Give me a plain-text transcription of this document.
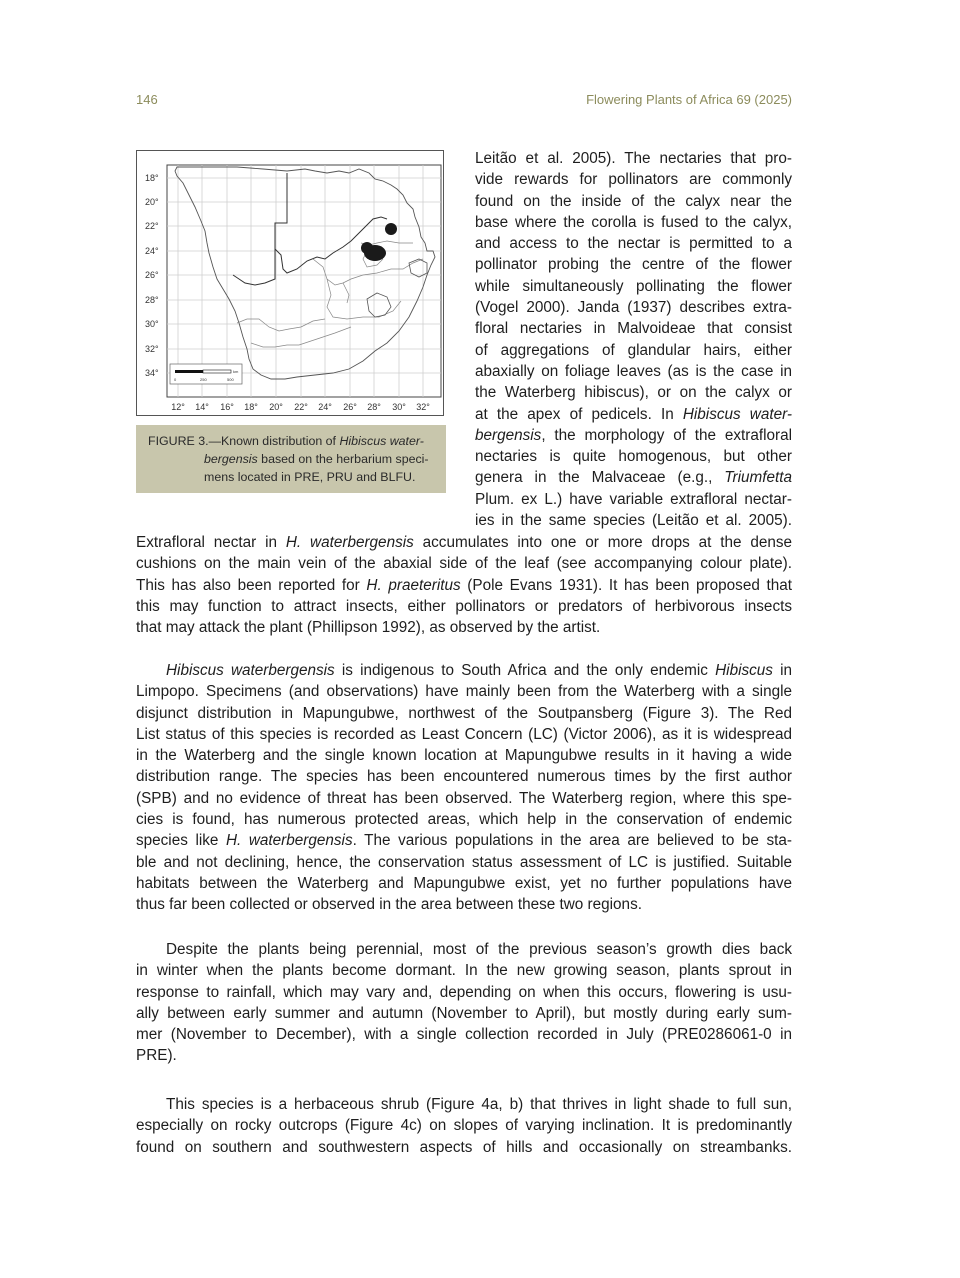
146	Flowering Plants of Africa 69 (2025)
18°
20°
22°
24°
26°
28°
30°
32°
34°
12° 14° 16° 18° 20° 22° 24° 26° 28° 30° 32°
km
0	250	500

FIGURE 3.—Known distribution of Hibiscus water-
bergensis based on the herbarium speci-
mens located in PRE, PRU and BLFU.

Leitão et al. 2005). The nectaries that pro-
vide rewards for pollinators are commonly
found on the inside of the calyx near the
base where the corolla is fused to the calyx,
and access to the nectar is permitted to a
pollinator probing the centre of the flower
while simultaneously pollinating the flower
(Vogel 2000). Janda (1937) describes extra-
floral nectaries in Malvoideae that consist
of aggregations of glandular hairs, either
abaxially on foliage leaves (as is the case in
the Waterberg hibiscus), or on the calyx or
at the apex of pedicels. In Hibiscus water-
bergensis, the morphology of the extrafloral
nectaries is quite homogenous, but other
genera in the Malvaceae (e.g., Triumfetta
Plum. ex L.) have variable extrafloral nectar-
ies in the same species (Leitão et al. 2005).
Extrafloral nectar in H. waterbergensis accumulates into one or more drops at the dense
cushions on the main vein of the abaxial side of the leaf (see accompanying colour plate).
This has also been reported for H. praeteritus (Pole Evans 1931). It has been proposed that
this may function to attract insects, either pollinators or predators of herbivorous insects
that may attack the plant (Phillipson 1992), as observed by the artist.
Hibiscus waterbergensis is indigenous to South Africa and the only endemic Hibiscus in
Limpopo. Specimens (and observations) have mainly been from the Waterberg with a single
disjunct distribution in Mapungubwe, northwest of the Soutpansberg (Figure 3). The Red
List status of this species is recorded as Least Concern (LC) (Victor 2006), as it is widespread
in the Waterberg and the single known location at Mapungubwe results in it having a wide
distribution range. The species has been encountered numerous times by the first author
(SPB) and no evidence of threat has been observed. The Waterberg region, where this spe-
cies is found, has numerous protected areas, which help in the conservation of endemic
species like H. waterbergensis. The various populations in the area are believed to be sta-
ble and not declining, hence, the conservation status assessment of LC is justified. Suitable
habitats between the Waterberg and Mapungubwe exist, yet no further populations have
thus far been collected or observed in the area between these two regions.
Despite the plants being perennial, most of the previous season’s growth dies back
in winter when the plants become dormant. In the new growing season, plants sprout in
response to rainfall, which may vary and, depending on when this occurs, flowering is usu-
ally between early summer and autumn (November to April), but mostly during early sum-
mer (November to December), with a single collection recorded in July (PRE0286061-0 in
PRE).
This species is a herbaceous shrub (Figure 4a, b) that thrives in light shade to full sun,
especially on rocky outcrops (Figure 4c) on slopes of varying inclination. It is predominantly
found on southern and southwestern aspects of hills and occasionally on streambanks.
